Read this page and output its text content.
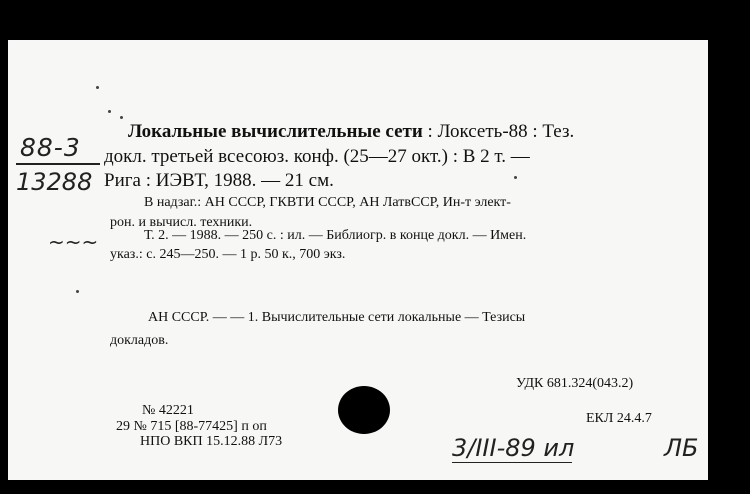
88-3
13288
~~~
3/III-89 ил	ЛБ
Локальные вычислительные сети : Локсеть-88 : Тез.
докл. третьей всесоюз. конф. (25—27 окт.) : В 2 т. —
Рига : ИЭВТ, 1988. — 21 см.
В надзаг.: АН СССР, ГКВТИ СССР, АН ЛатвССР, Ин-т элект-
рон. и вычисл. техники.
Т. 2. — 1988. — 250 с. : ил. — Библиогр. в конце докл. — Имен.
указ.: с. 245—250. — 1 р. 50 к., 700 экз.
АН СССР. — — 1. Вычислительные сети локальные — Тезисы
докладов.
УДК 681.324(043.2)
ЕКЛ 24.4.7
№ 42221
29 № 715 [88-77425] п оп
НПО ВКП 15.12.88 Л73
